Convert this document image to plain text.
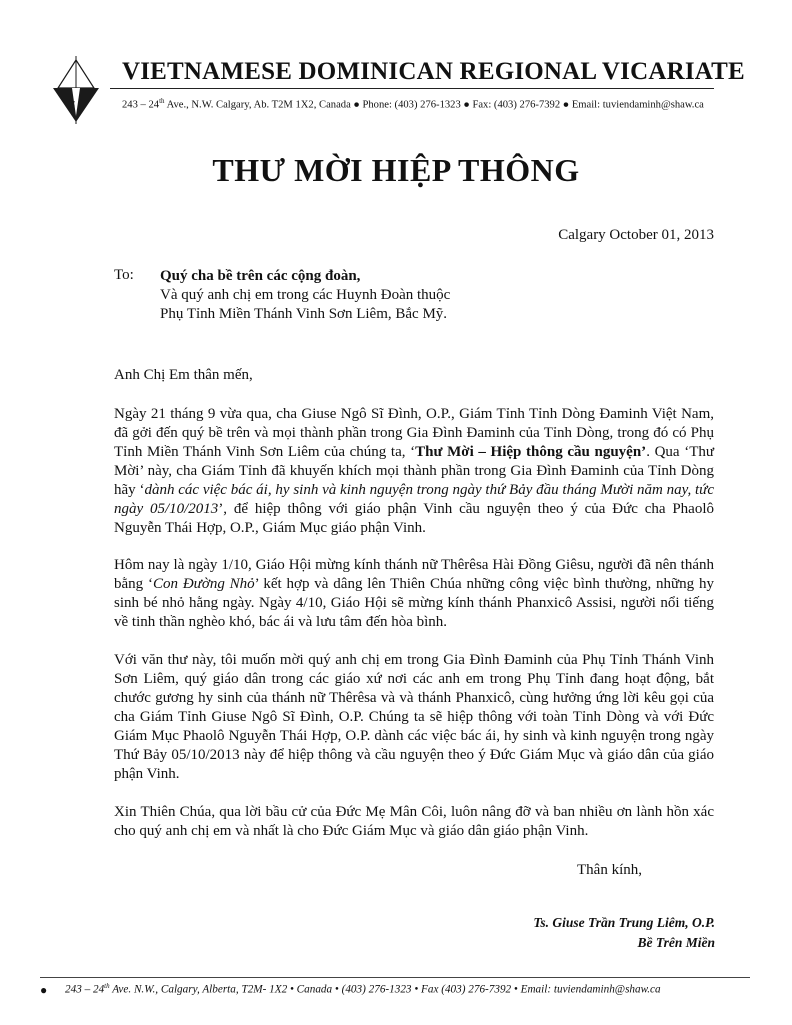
S
L
VIETNAMESE DOMINICAN REGIONAL VICARIATE
243 – 24th Ave., N.W. Calgary, Ab. T2M 1X2, Canada ● Phone: (403) 276-1323 ● Fax: (403) 276-7392 ● Email: tuviendaminh@shaw.ca
THƯ MỜI HIỆP THÔNG
Calgary October 01, 2013
To: Quý cha bề trên các cộng đoàn,
Và quý anh chị em trong các Huynh Đoàn thuộc
Phụ Tỉnh Miền Thánh Vinh Sơn Liêm, Bắc Mỹ.

Anh Chị Em thân mến,

Ngày 21 tháng 9 vừa qua, cha Giuse Ngô Sĩ Đình, O.P., Giám Tỉnh Tỉnh Dòng Đaminh Việt Nam, đã gởi đến quý bề trên và mọi thành phần trong Gia Đình Đaminh của Tỉnh Dòng, trong đó có Phụ Tỉnh Miền Thánh Vinh Sơn Liêm của chúng ta, ‘Thư Mời – Hiệp thông cầu nguyện’. Qua ‘Thư Mời’ này, cha Giám Tỉnh đã khuyến khích mọi thành phần trong Gia Đình Đaminh của Tỉnh Dòng hãy ‘dành các việc bác ái, hy sinh và kinh nguyện trong ngày thứ Bảy đầu tháng Mười năm nay, tức ngày 05/10/2013’, để hiệp thông với giáo phận Vinh cầu nguyện theo ý của Đức cha Phaolô Nguyễn Thái Hợp, O.P., Giám Mục giáo phận Vinh.

Hôm nay là ngày 1/10, Giáo Hội mừng kính thánh nữ Thêrêsa Hài Đồng Giêsu, người đã nên thánh bằng ‘Con Đường Nhỏ’ kết hợp và dâng lên Thiên Chúa những công việc bình thường, những hy sinh bé nhỏ hằng ngày. Ngày 4/10, Giáo Hội sẽ mừng kính thánh Phanxicô Assisi, người nổi tiếng về tinh thần nghèo khó, bác ái và lưu tâm đến hòa bình.

Với văn thư này, tôi muốn mời quý anh chị em trong Gia Đình Đaminh của Phụ Tỉnh Thánh Vinh Sơn Liêm, quý giáo dân trong các giáo xứ nơi các anh em trong Phụ Tỉnh đang hoạt động, bắt chước gương hy sinh của thánh nữ Thêrêsa và và thánh Phanxicô, cùng hưởng ứng lời kêu gọi của cha Giám Tỉnh Giuse Ngô Sĩ Đình, O.P. Chúng ta sẽ hiệp thông với toàn Tỉnh Dòng và với Đức Giám Mục Phaolô Nguyễn Thái Hợp, O.P. dành các việc bác ái, hy sinh và kinh nguyện trong ngày Thứ Bảy 05/10/2013 này để hiệp thông và cầu nguyện theo ý Đức Giám Mục và giáo dân của giáo phận Vinh.

Xin Thiên Chúa, qua lời bầu cử của Đức Mẹ Mân Côi, luôn nâng đỡ và ban nhiều ơn lành hồn xác cho quý anh chị em và nhất là cho Đức Giám Mục và giáo dân giáo phận Vinh.

Thân kính,
Ts. Giuse Trần Trung Liêm, O.P.
Bề Trên Miền
● 243 – 24th Ave. N.W., Calgary, Alberta, T2M- 1X2 • Canada • (403) 276-1323 • Fax (403) 276-7392 • Email: tuviendaminh@shaw.ca
